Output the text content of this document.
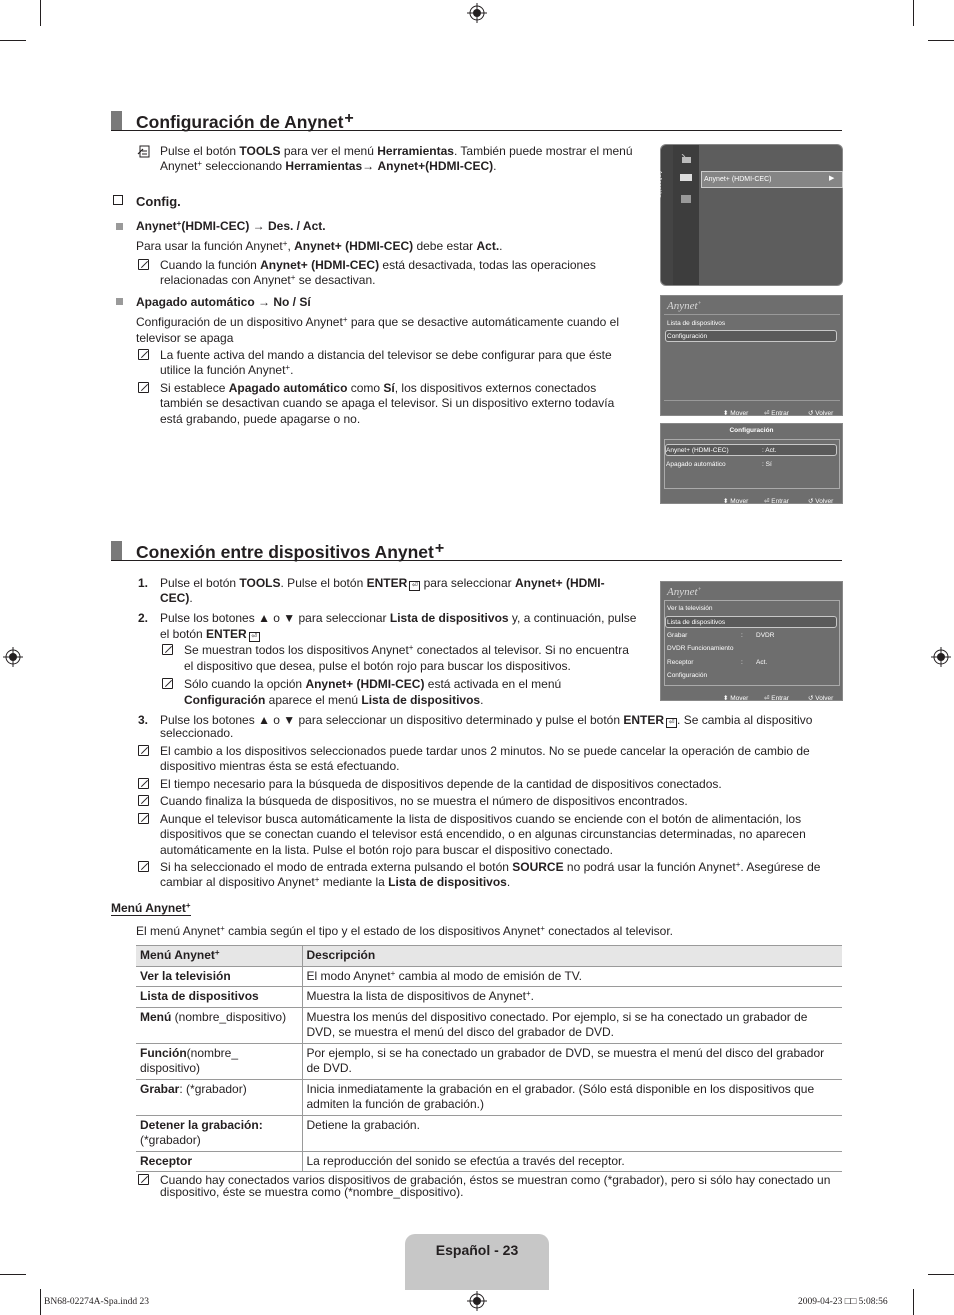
Configuración de Anynet+
Pulse el botón TOOLS para ver el menú Herramientas. También puede mostrar el menú
Anynet+ seleccionando Herramientas→ Anynet+(HDMI-CEC).
Config.
Anynet+(HDMI-CEC) → Des. / Act.
Para usar la función Anynet+, Anynet+ (HDMI-CEC) debe estar Act..
Cuando la función Anynet+ (HDMI-CEC) está desactivada, todas las operaciones
relacionadas con Anynet+ se desactivan.
Apagado automático → No / Sí
Configuración de un dispositivo Anynet+ para que se desactive automáticamente cuando el
televisor se apaga
La fuente activa del mando a distancia del televisor se debe configurar para que éste
utilice la función Anynet+.
Si establece Apagado automático como Sí, los dispositivos externos conectados
también se desactivan cuando se apaga el televisor. Si un dispositivo externo todavía
está grabando, puede apagarse o no.
Aplicación	Anynet+ (HDMI-CEC)	▶
Anynet+
Lista de dispositivos
Configuración
⬍ Mover ⏎ Entrar	↺ Volver
Configuración
Anynet+ (HDMI-CEC)	: Act.
Apagado automático	: Sí
⬍ Mover ⏎ Entrar	↺ Volver
Conexión entre dispositivos Anynet+
1. Pulse el botón TOOLS. Pulse el botón ENTER ⏎ para seleccionar Anynet+ (HDMI-
CEC).
2. Pulse los botones ▲ o ▼ para seleccionar Lista de dispositivos y, a continuación, pulse
el botón ENTER ⏎
Se muestran todos los dispositivos Anynet+ conectados al televisor. Si no encuentra
el dispositivo que desea, pulse el botón rojo para buscar los dispositivos.
Sólo cuando la opción Anynet+ (HDMI-CEC) está activada en el menú
Configuración aparece el menú Lista de dispositivos.
Anynet+
Ver la televisión
Lista de dispositivos
Grabar	: DVDR
DVDR Funcionamiento
Receptor	: Act.
Configuración
⬍ Mover ⏎ Entrar	↺ Volver
3. Pulse los botones ▲ o ▼ para seleccionar un dispositivo determinado y pulse el botón ENTER ⏎ . Se cambia al dispositivo
seleccionado.
El cambio a los dispositivos seleccionados puede tardar unos 2 minutos. No se puede cancelar la operación de cambio de
dispositivo mientras ésta se está efectuando.
El tiempo necesario para la búsqueda de dispositivos depende de la cantidad de dispositivos conectados.
Cuando finaliza la búsqueda de dispositivos, no se muestra el número de dispositivos encontrados.
Aunque el televisor busca automáticamente la lista de dispositivos cuando se enciende con el botón de alimentación, los
dispositivos que se conectan cuando el televisor está encendido, o en algunas circunstancias determinadas, no aparecen
automáticamente en la lista. Pulse el botón rojo para buscar el dispositivo conectado.
Si ha seleccionado el modo de entrada externa pulsando el botón SOURCE no podrá usar la función Anynet+. Asegúrese de
cambiar al dispositivo Anynet+ mediante la Lista de dispositivos.
Menú Anynet+
El menú Anynet+ cambia según el tipo y el estado de los dispositivos Anynet+ conectados al televisor.
Menú Anynet+	Descripción
Ver la televisión	El modo Anynet+ cambia al modo de emisión de TV.
Lista de dispositivos	Muestra la lista de dispositivos de Anynet+.
Menú (nombre_dispositivo)	Muestra los menús del dispositivo conectado. Por ejemplo, si se ha conectado un grabador de
DVD, se muestra el menú del disco del grabador de DVD.
Función(nombre_
dispositivo)	Por ejemplo, si se ha conectado un grabador de DVD, se muestra el menú del disco del grabador
de DVD.
Grabar: (*grabador)	Inicia inmediatamente la grabación en el grabador. (Sólo está disponible en los dispositivos que
admiten la función de grabación.)
Detener la grabación:
(*grabador)	Detiene la grabación.
Receptor	La reproducción del sonido se efectúa a través del receptor.
Cuando hay conectados varios dispositivos de grabación, éstos se muestran como (*grabador), pero si sólo hay conectado un
dispositivo, éste se muestra como (*nombre_dispositivo).
Español - 23
BN68-02274A-Spa.indd 23	2009-04-23 □□ 5:08:56
